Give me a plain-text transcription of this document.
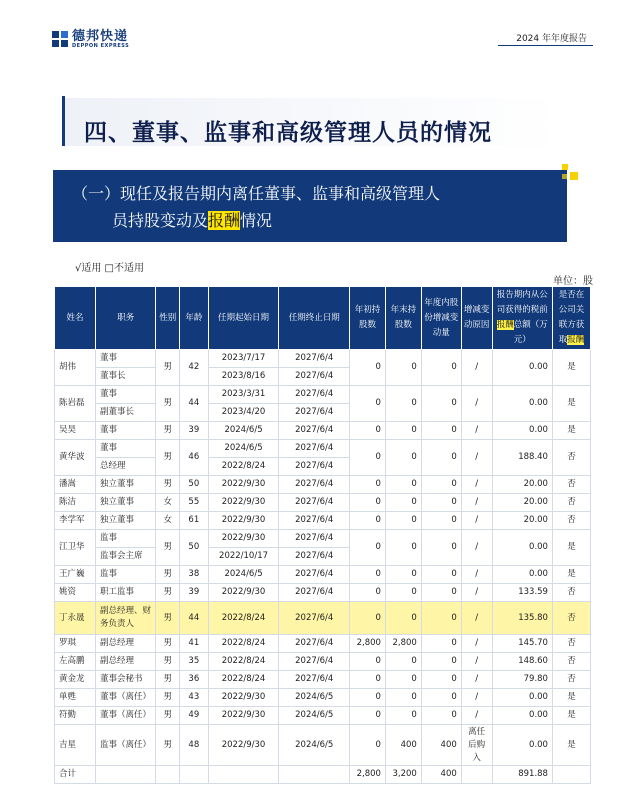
德邦快递
DEPPON EXPRESS
2024 年年度报告
四、董事、监事和高级管理人员的情况
（一）现任及报告期内离任董事、监事和高级管理人
员持股变动及报酬情况
√适用 □不适用
单位：股
姓名	职务	性别	年龄	任期起始日期	任期终止日期	年初持股数	年末持股数	年度内股份增减变动量	增减变动原因	报告期内从公司获得的税前报酬总额（万元）	是否在公司关联方获取报酬
胡伟	董事	男	42	2023/7/17	2027/6/4	0	0	0	/	0.00	是
	董事长			2023/8/16	2027/6/4						
陈岩磊	董事	男	44	2023/3/31	2027/6/4	0	0	0	/	0.00	是
	副董事长			2023/4/20	2027/6/4						
吴昊	董事	男	39	2024/6/5	2027/6/4	0	0	0	/	0.00	是
黄华波	董事	男	46	2024/6/5	2027/6/4	0	0	0	/	188.40	否
	总经理			2022/8/24	2027/6/4						
潘嵩	独立董事	男	50	2022/9/30	2027/6/4	0	0	0	/	20.00	否
陈洁	独立董事	女	55	2022/9/30	2027/6/4	0	0	0	/	20.00	否
李学军	独立董事	女	61	2022/9/30	2027/6/4	0	0	0	/	20.00	否
江卫华	监事	男	50	2022/9/30	2027/6/4	0	0	0	/	0.00	是
	监事会主席			2022/10/17	2027/6/4						
王广巍	监事	男	38	2024/6/5	2027/6/4	0	0	0	/	0.00	是
姚资	职工监事	男	39	2022/9/30	2027/6/4	0	0	0	/	133.59	否
丁永晟	副总经理、财务负责人	男	44	2022/8/24	2027/6/4	0	0	0	/	135.80	否
罗琪	副总经理	男	41	2022/8/24	2027/6/4	2,800	2,800	0	/	145.70	否
左高鹏	副总经理	男	35	2022/8/24	2027/6/4	0	0	0	/	148.60	否
黄金龙	董事会秘书	男	36	2022/8/24	2027/6/4	0	0	0	/	79.80	否
单甦	董事（离任）	男	43	2022/9/30	2024/6/5	0	0	0	/	0.00	是
符勤	董事（离任）	男	49	2022/9/30	2024/6/5	0	0	0	/	0.00	是
吉星	监事（离任）	男	48	2022/9/30	2024/6/5	0	400	400	离任后购入	0.00	是
合计						2,800	3,200	400		891.88	
